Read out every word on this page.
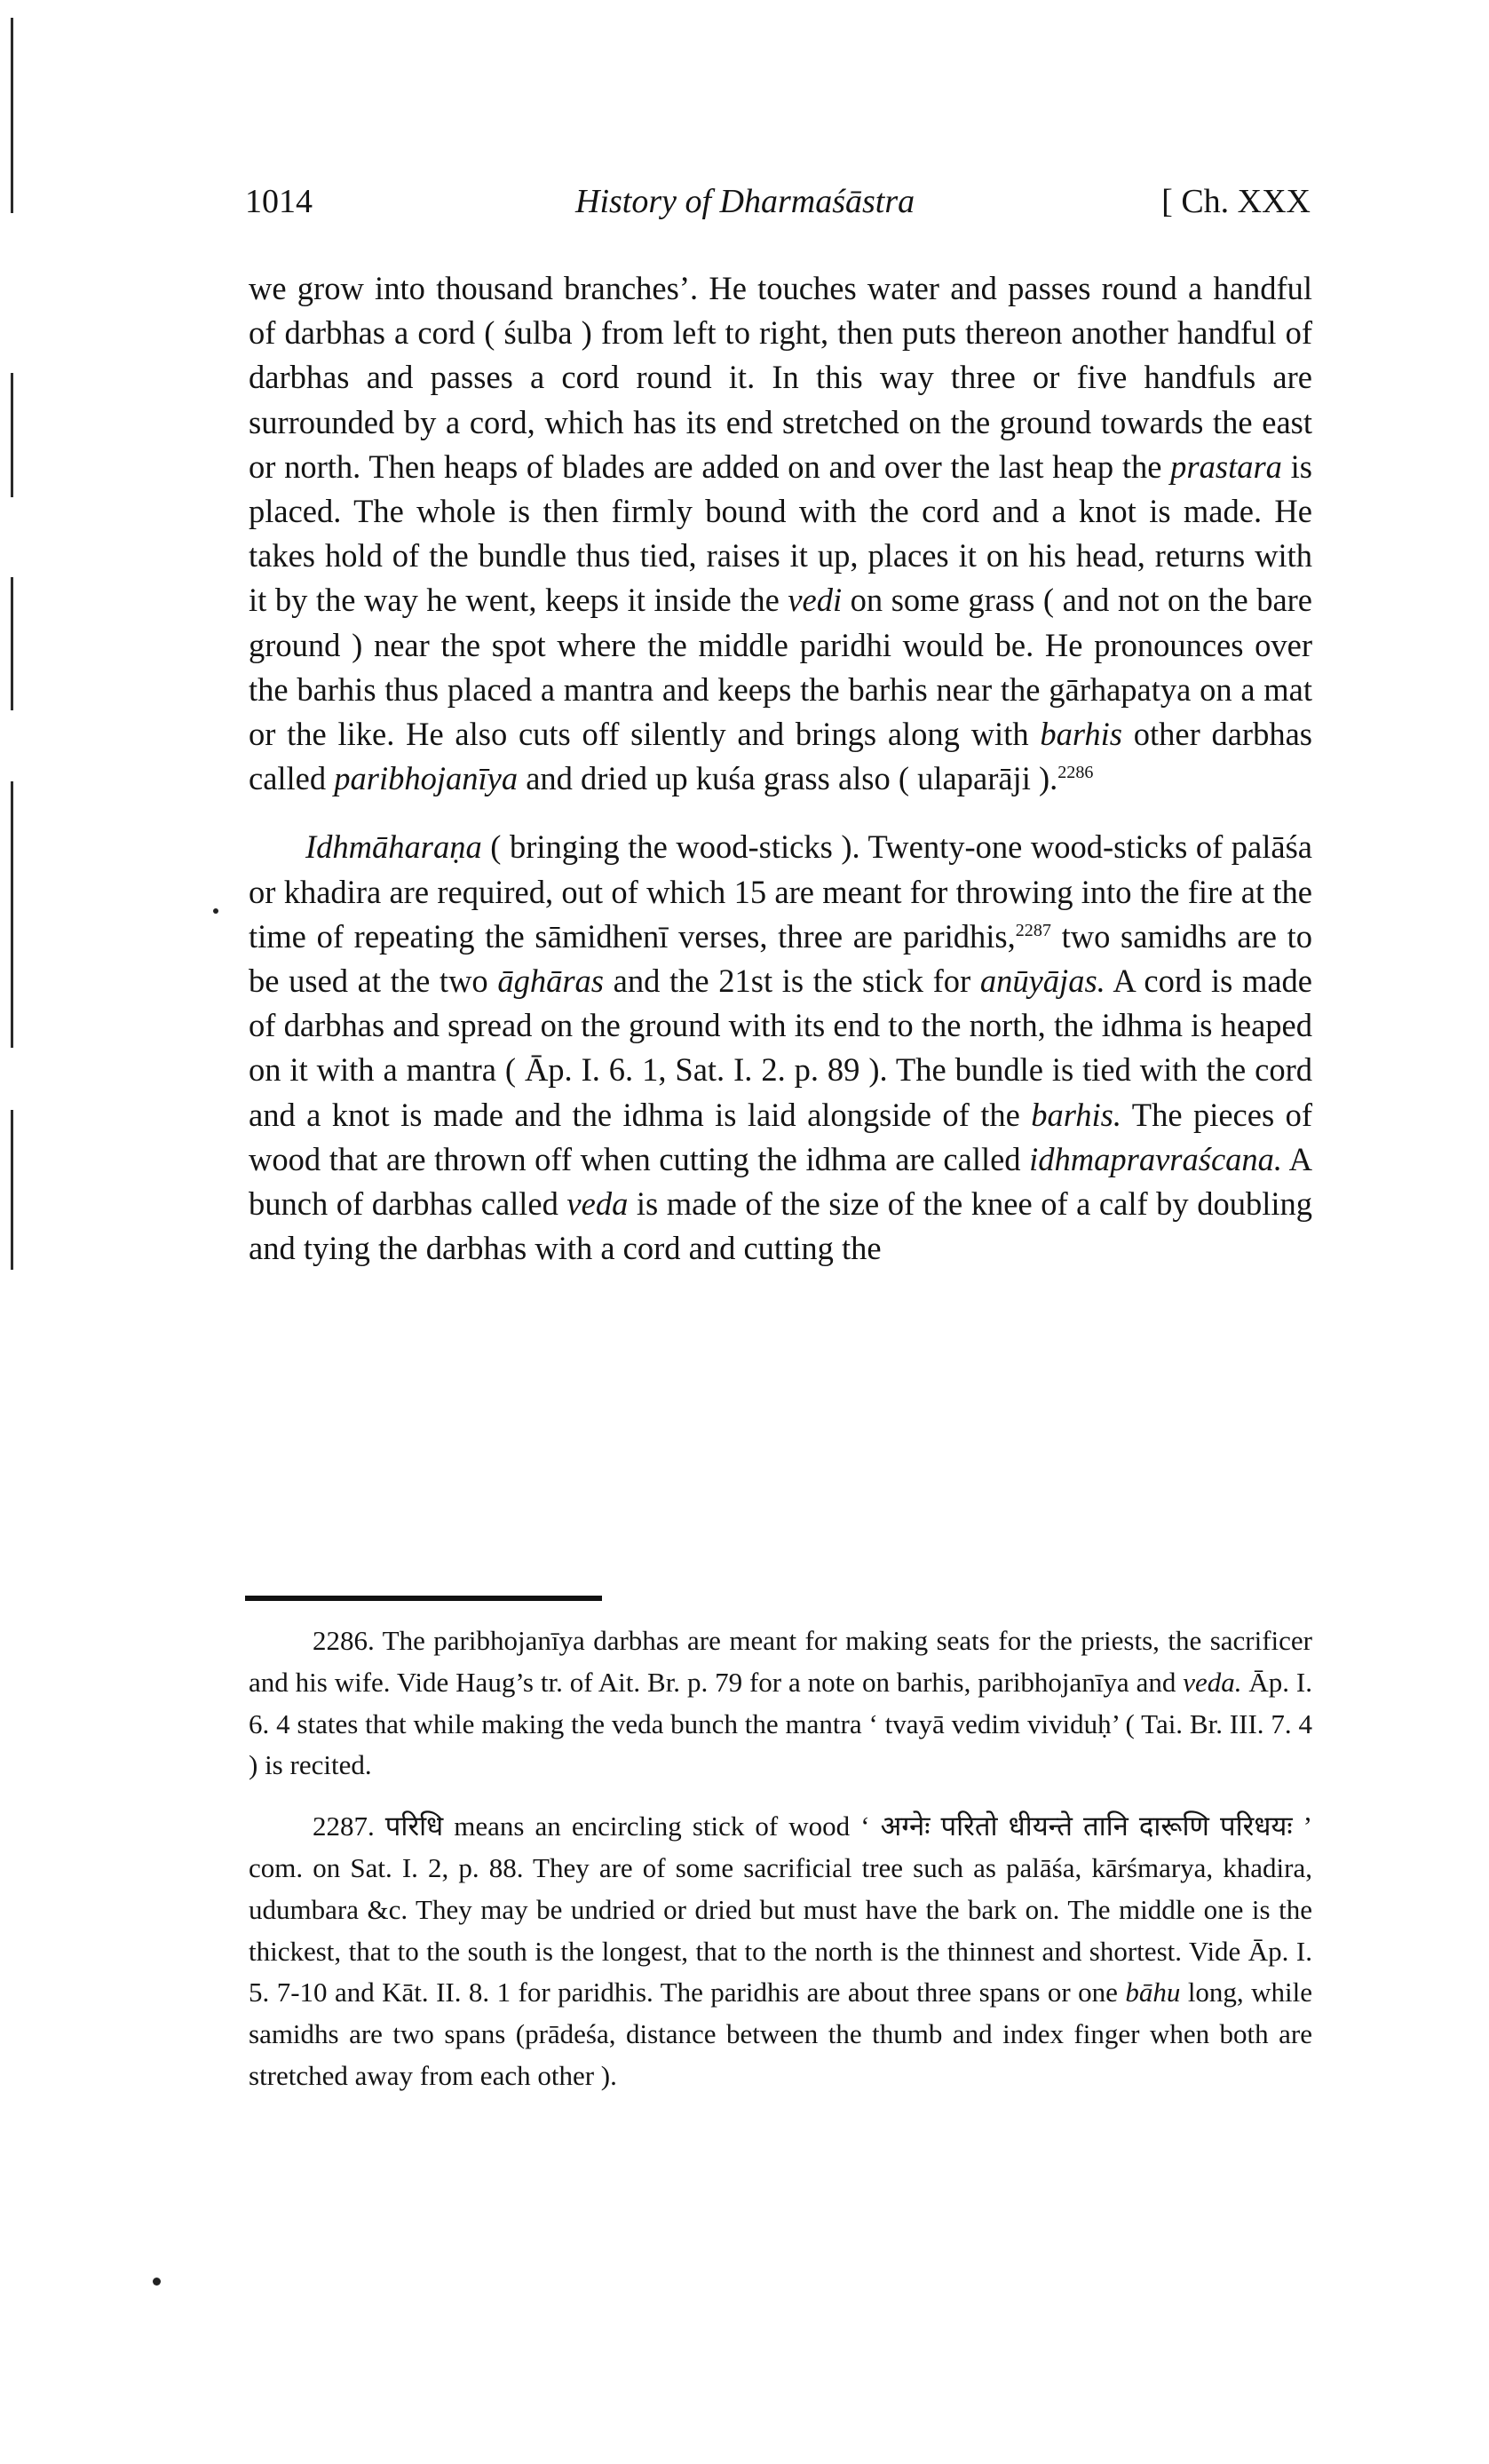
1014	History of Dharmaśāstra	[ Ch. XXX

we grow into thousand branches’. He touches water and passes round a handful of darbhas a cord ( śulba ) from left to right, then puts thereon another handful of darbhas and passes a cord round it. In this way three or five handfuls are surrounded by a cord, which has its end stretched on the ground towards the east or north. Then heaps of blades are added on and over the last heap the prastara is placed. The whole is then firmly bound with the cord and a knot is made. He takes hold of the bundle thus tied, raises it up, places it on his head, returns with it by the way he went, keeps it inside the vedi on some grass ( and not on the bare ground ) near the spot where the middle paridhi would be. He pronounces over the barhis thus placed a mantra and keeps the barhis near the gārhapatya on a mat or the like. He also cuts off silently and brings along with barhis other darbhas called paribhojanīya and dried up kuśa grass also ( ulaparāji ).$^{2286}$

Idhmāharaṇa ( bringing the wood-sticks ). Twenty-one wood-sticks of palāśa or khadira are required, out of which 15 are meant for throwing into the fire at the time of repeating the sāmidhenī verses, three are paridhis,$^{2287}$ two samidhs are to be used at the two āghāras and the 21st is the stick for anūyājas. A cord is made of darbhas and spread on the ground with its end to the north, the idhma is heaped on it with a mantra ( Āp. I. 6. 1, Sat. I. 2. p. 89 ). The bundle is tied with the cord and a knot is made and the idhma is laid alongside of the barhis. The pieces of wood that are thrown off when cutting the idhma are called idhmapravraścana. A bunch of darbhas called veda is made of the size of the knee of a calf by doubling and tying the darbhas with a cord and cutting the

2286. The paribhojanīya darbhas are meant for making seats for the priests, the sacrificer and his wife. Vide Haug’s tr. of Ait. Br. p. 79 for a note on barhis, paribhojanīya and veda. Āp. I. 6. 4 states that while making the veda bunch the mantra ‘ tvayā vedim vividuḥ’ ( Tai. Br. III. 7. 4 ) is recited.

2287. परिधि means an encircling stick of wood ‘ अग्नेः परितो धीयन्ते तानि दारूणि परिधयः ’ com. on Sat. I. 2, p. 88. They are of some sacrificial tree such as palāśa, kārśmarya, khadira, udumbara &c. They may be undried or dried but must have the bark on. The middle one is the thickest, that to the south is the longest, that to the north is the thinnest and shortest. Vide Āp. I. 5. 7-10 and Kāt. II. 8. 1 for paridhis. The paridhis are about three spans or one bāhu long, while samidhs are two spans (prādeśa, distance between the thumb and index finger when both are stretched away from each other ).
